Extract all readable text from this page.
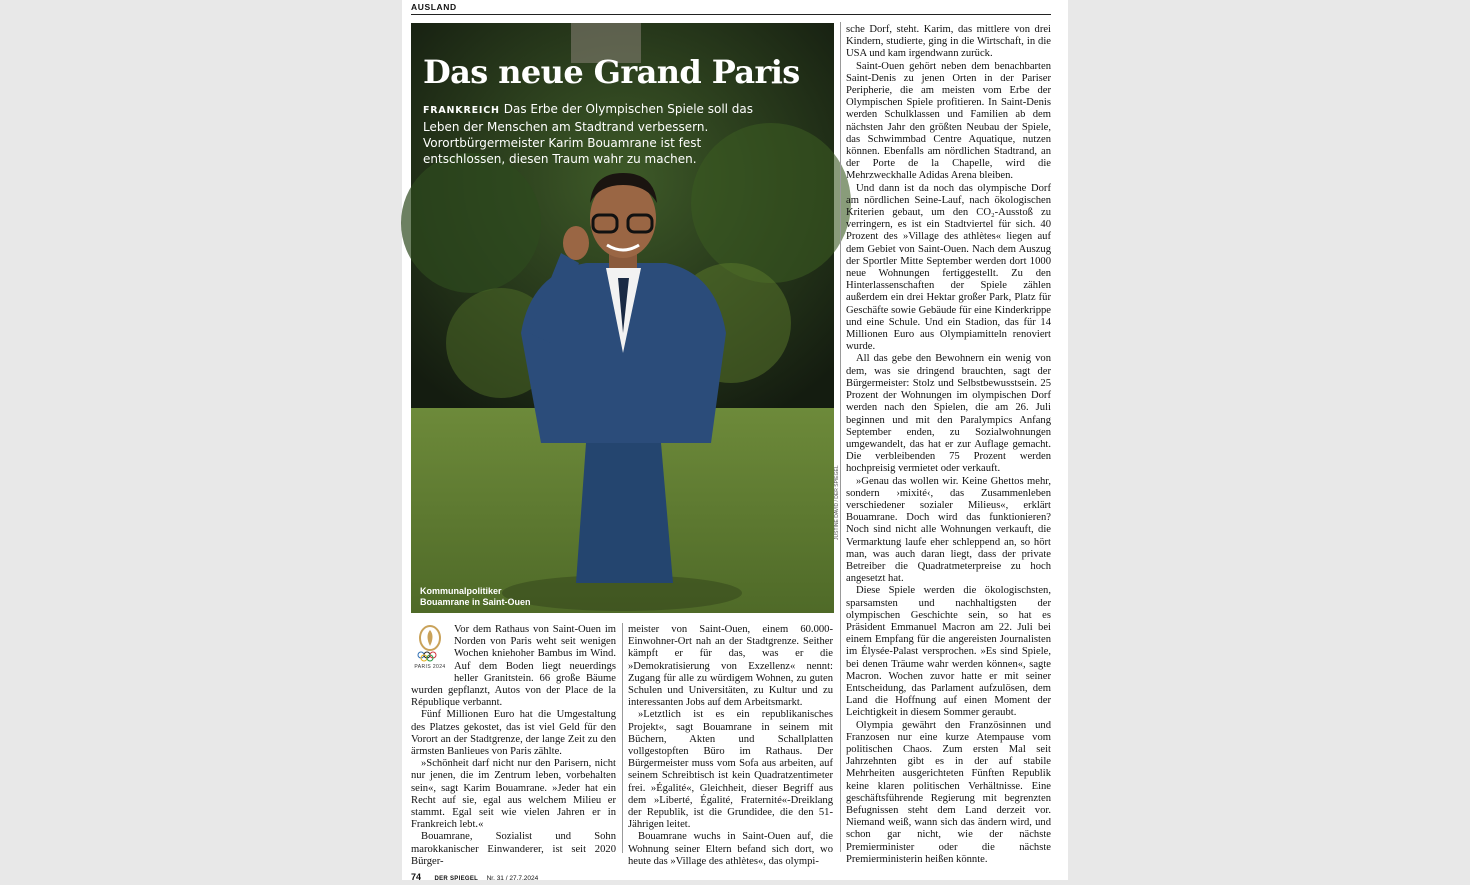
AUSLAND
Das neue Grand Paris

FRANKREICH Das Erbe der Olympischen Spiele soll das Leben der Menschen am Stadtrand verbessern. Vorortbürgermeister Karim Bouamrane ist fest entschlossen, diesen Traum wahr zu machen.

Kommunalpolitiker
Bouamrane in Saint-Ouen
JUSTINE DAVID / DER SPIEGEL
PARIS 2024

Vor dem Rathaus von Saint-Ouen im Norden von Paris weht seit wenigen Wochen kniehoher Bambus im Wind. Auf dem Boden liegt neuerdings heller Granitstein. 66 große Bäume wurden gepflanzt, Autos von der Place de la République verbannt.

Fünf Millionen Euro hat die Umgestaltung des Platzes gekostet, das ist viel Geld für den Vorort an der Stadtgrenze, der lange Zeit zu den ärmsten Banlieues von Paris zählte.

»Schönheit darf nicht nur den Parisern, nicht nur jenen, die im Zentrum leben, vorbehalten sein«, sagt Karim Bouamrane. »Jeder hat ein Recht auf sie, egal aus welchem Milieu er stammt. Egal seit wie vielen Jahren er in Frankreich lebt.«

Bouamrane, Sozialist und Sohn marokkanischer Einwanderer, ist seit 2020 Bürger-

meister von Saint-Ouen, einem 60.000-Einwohner-Ort nah an der Stadtgrenze. Seither kämpft er für das, was er die »Demokratisierung von Exzellenz« nennt: Zugang für alle zu würdigem Wohnen, zu guten Schulen und Universitäten, zu Kultur und zu interessanten Jobs auf dem Arbeitsmarkt.

»Letztlich ist es ein republikanisches Projekt«, sagt Bouamrane in seinem mit Büchern, Akten und Schallplatten vollgestopften Büro im Rathaus. Der Bürgermeister muss vom Sofa aus arbeiten, auf seinem Schreibtisch ist kein Quadratzentimeter frei. »Égalité«, Gleichheit, dieser Begriff aus dem »Liberté, Égalité, Fraternité«-Dreiklang der Republik, ist die Grundidee, die den 51-Jährigen leitet.

Bouamrane wuchs in Saint-Ouen auf, die Wohnung seiner Eltern befand sich dort, wo heute das »Village des athlètes«, das olympi-

sche Dorf, steht. Karim, das mittlere von drei Kindern, studierte, ging in die Wirtschaft, in die USA und kam irgendwann zurück.

Saint-Ouen gehört neben dem benachbarten Saint-Denis zu jenen Orten in der Pariser Peripherie, die am meisten vom Erbe der Olympischen Spiele profitieren. In Saint-Denis werden Schulklassen und Familien ab dem nächsten Jahr den größten Neubau der Spiele, das Schwimmbad Centre Aquatique, nutzen können. Ebenfalls am nördlichen Stadtrand, an der Porte de la Chapelle, wird die Mehrzweckhalle Adidas Arena bleiben.

Und dann ist da noch das olympische Dorf am nördlichen Seine-Lauf, nach ökologischen Kriterien gebaut, um den CO₂-Ausstoß zu verringern, es ist ein Stadtviertel für sich. 40 Prozent des »Village des athlètes« liegen auf dem Gebiet von Saint-Ouen. Nach dem Auszug der Sportler Mitte September werden dort 1000 neue Wohnungen fertiggestellt. Zu den Hinterlassenschaften der Spiele zählen außerdem ein drei Hektar großer Park, Platz für Geschäfte sowie Gebäude für eine Kinderkrippe und eine Schule. Und ein Stadion, das für 14 Millionen Euro aus Olympiamitteln renoviert wurde.

All das gebe den Bewohnern ein wenig von dem, was sie dringend brauchten, sagt der Bürgermeister: Stolz und Selbstbewusstsein. 25 Prozent der Wohnungen im olympischen Dorf werden nach den Spielen, die am 26. Juli beginnen und mit den Paralympics Anfang September enden, zu Sozialwohnungen umgewandelt, das hat er zur Auflage gemacht. Die verbleibenden 75 Prozent werden hochpreisig vermietet oder verkauft.

»Genau das wollen wir. Keine Ghettos mehr, sondern ›mixité‹, das Zusammenleben verschiedener sozialer Milieus«, erklärt Bouamrane. Doch wird das funktionieren? Noch sind nicht alle Wohnungen verkauft, die Vermarktung laufe eher schleppend an, so hört man, was auch daran liegt, dass der private Betreiber die Quadratmeterpreise zu hoch angesetzt hat.

Diese Spiele werden die ökologischsten, sparsamsten und nachhaltigsten der olympischen Geschichte sein, so hat es Präsident Emmanuel Macron am 22. Juli bei einem Empfang für die angereisten Journalisten im Élysée-Palast versprochen. »Es sind Spiele, bei denen Träume wahr werden können«, sagte Macron. Wochen zuvor hatte er mit seiner Entscheidung, das Parlament aufzulösen, dem Land die Hoffnung auf einen Moment der Leichtigkeit in diesem Sommer geraubt.

Olympia gewährt den Französinnen und Franzosen nur eine kurze Atempause vom politischen Chaos. Zum ersten Mal seit Jahrzehnten gibt es in der auf stabile Mehrheiten ausgerichteten Fünften Republik keine klaren politischen Verhältnisse. Eine geschäftsführende Regierung mit begrenzten Befugnissen steht dem Land derzeit vor. Niemand weiß, wann sich das ändern wird, und schon gar nicht, wie der nächste Premierminister oder die nächste Premierministerin heißen könnte.

74 DER SPIEGEL Nr. 31 / 27.7.2024
